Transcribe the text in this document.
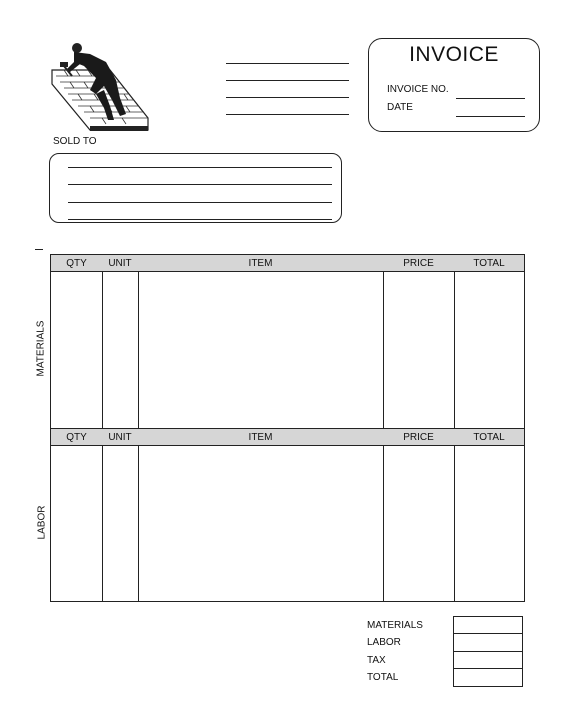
INVOICE
INVOICE NO.
DATE
SOLD TO
QTY	UNIT	ITEM	PRICE	TOTAL
QTY	UNIT	ITEM	PRICE	TOTAL
MATERIALS
LABOR
MATERIALS
LABOR
TAX
TOTAL
